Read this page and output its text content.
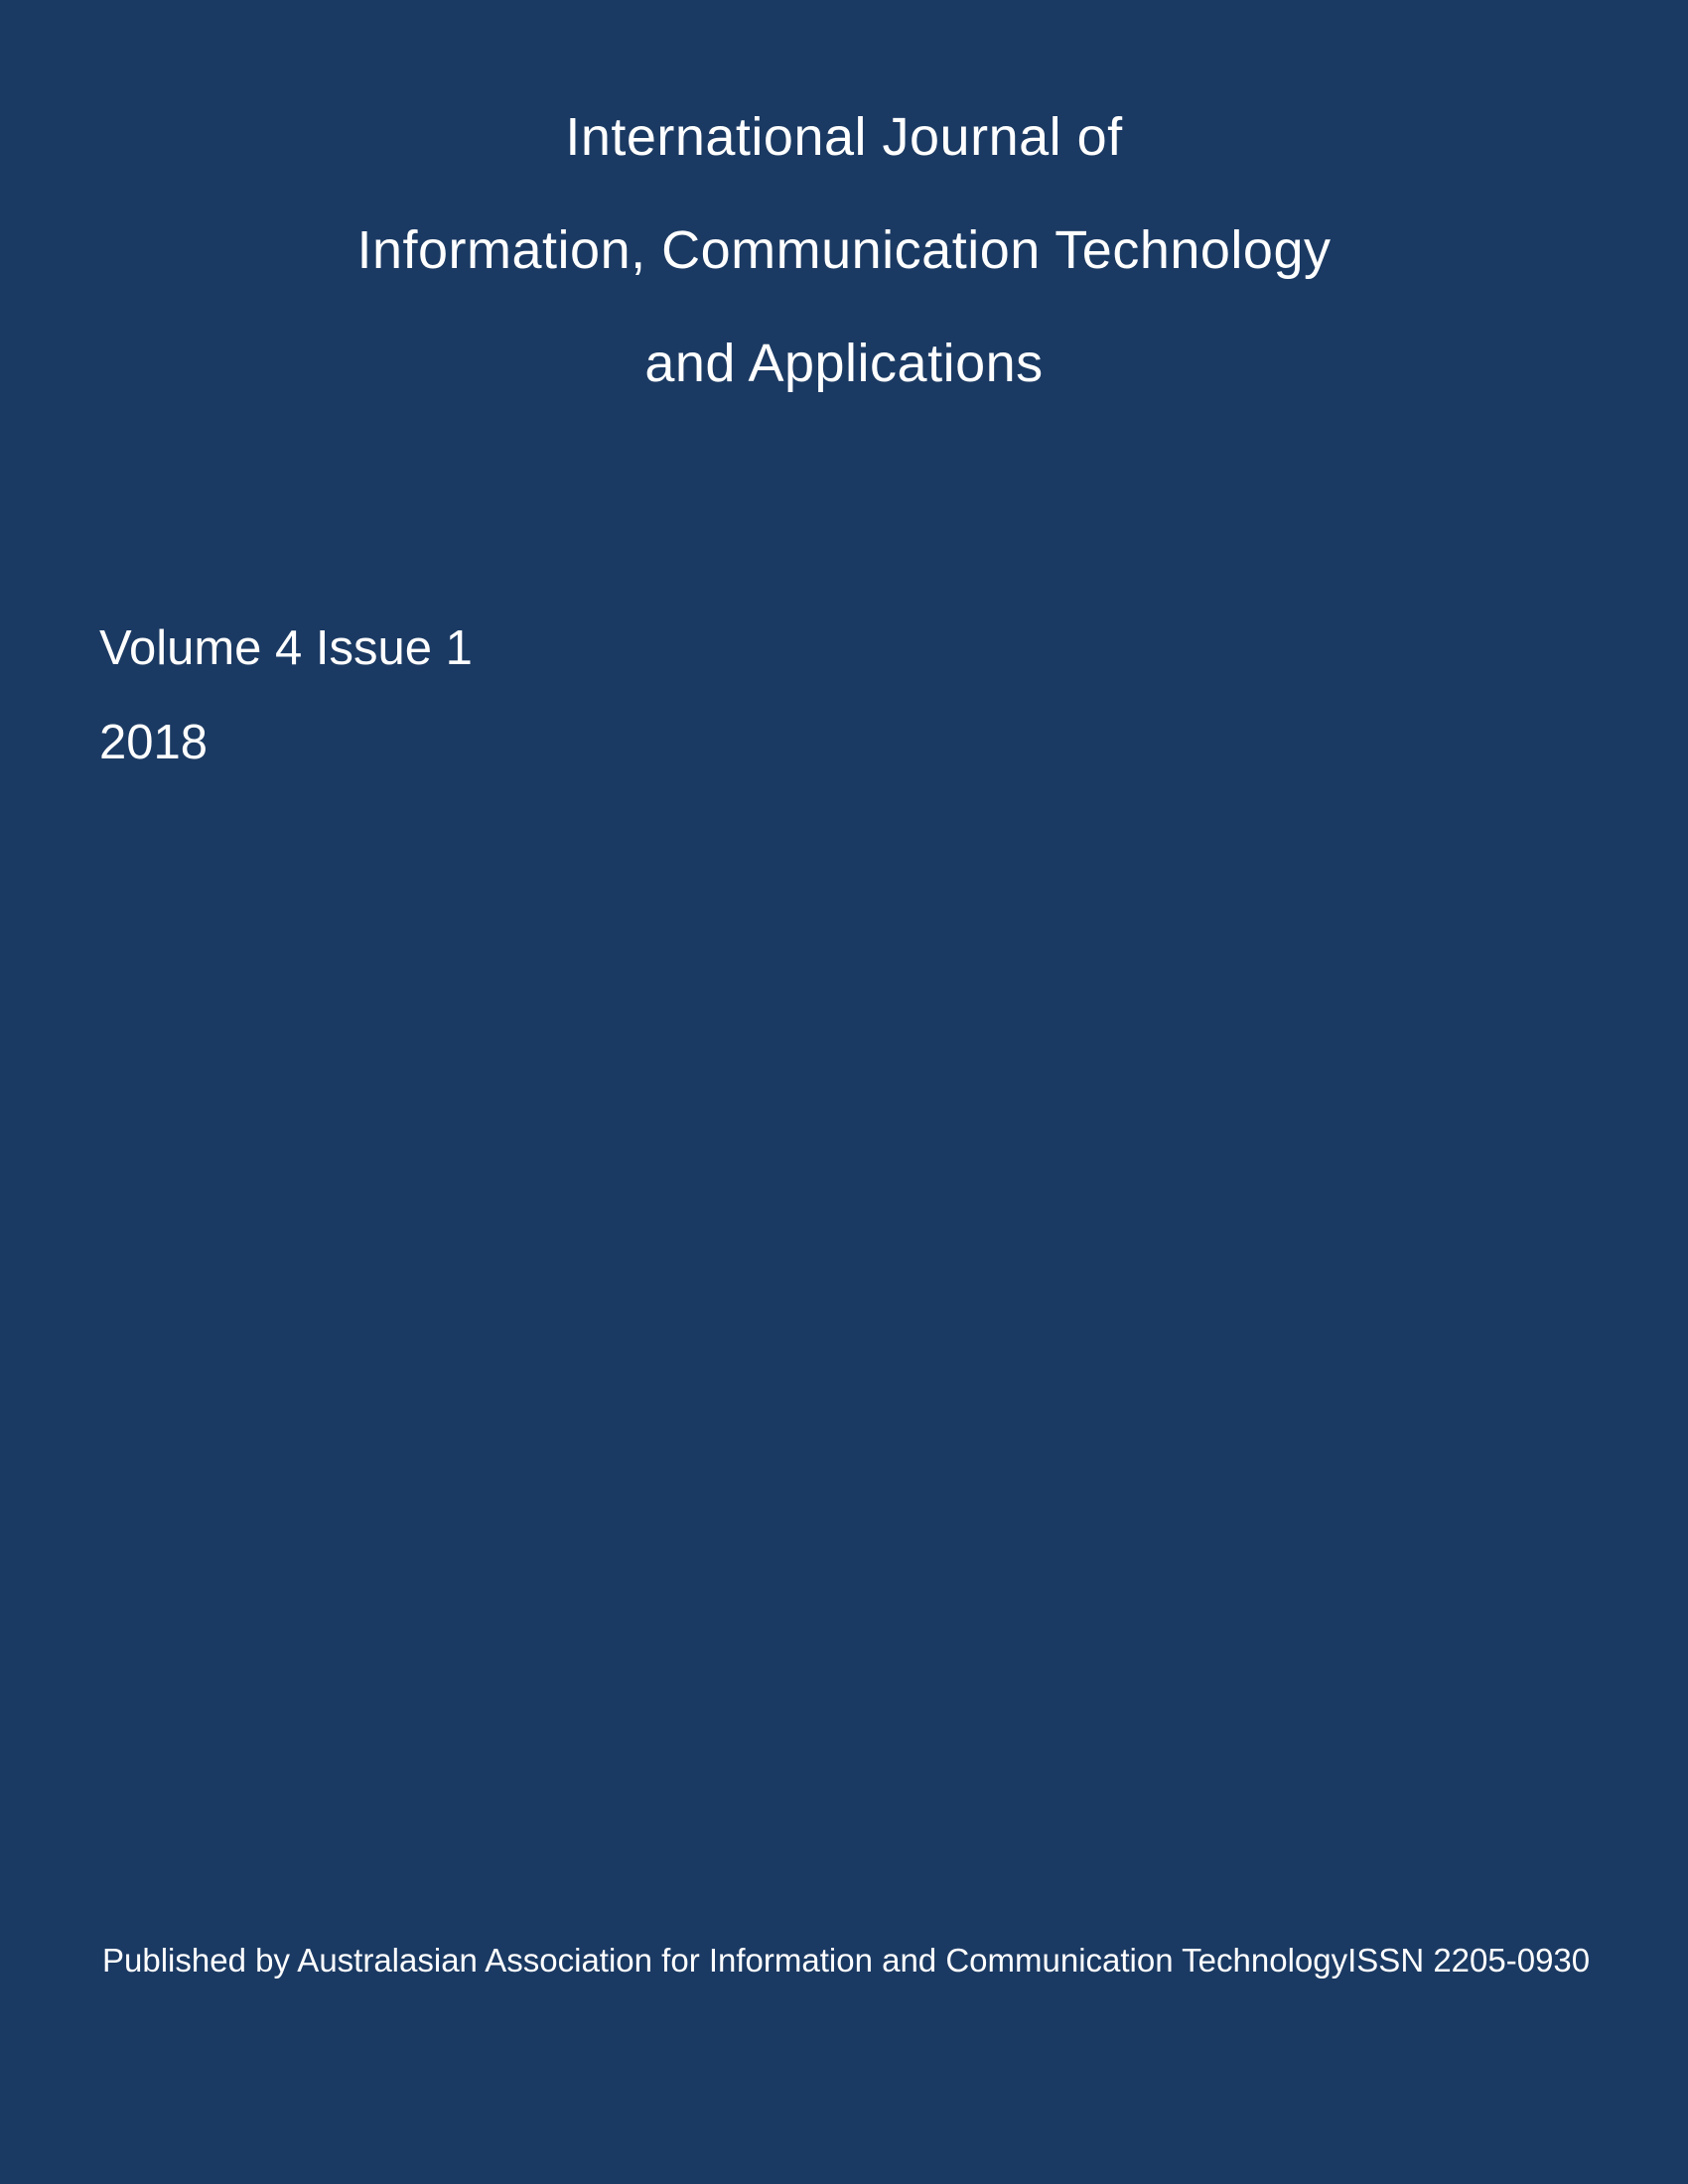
International Journal of
Information, Communication Technology
and Applications
Volume 4 Issue 1
2018
Published by Australasian Association for Information and Communication Technology ISSN 2205-0930
